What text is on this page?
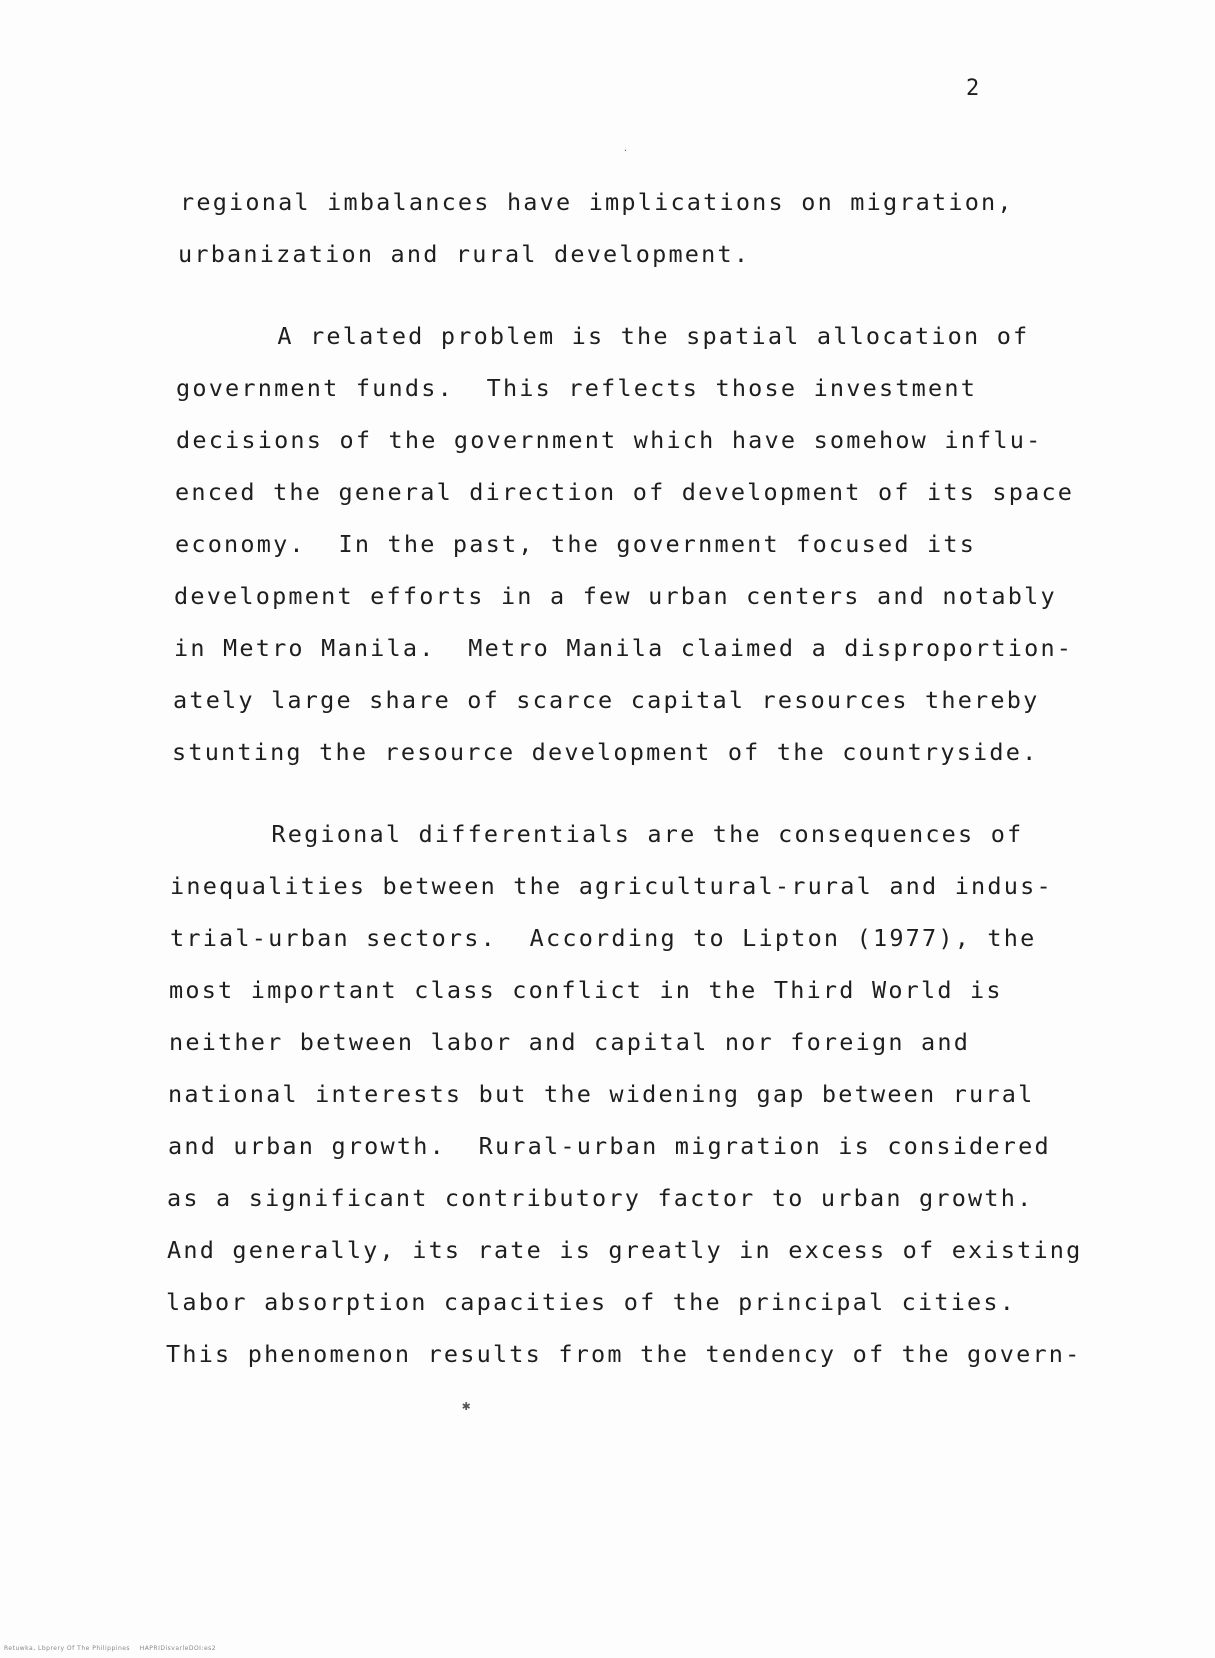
2
regional imbalances have implications on migration,
urbanization and rural development.
A related problem is the spatial allocation of
government funds.  This reflects those investment
decisions of the government which have somehow influ-
enced the general direction of development of its space
economy.  In the past, the government focused its
development efforts in a few urban centers and notably
in Metro Manila.  Metro Manila claimed a disproportion-
ately large share of scarce capital resources thereby
stunting the resource development of the countryside.
Regional differentials are the consequences of
inequalities between the agricultural-rural and indus-
trial-urban sectors.  According to Lipton (1977), the
most important class conflict in the Third World is
neither between labor and capital nor foreign and
national interests but the widening gap between rural
and urban growth.  Rural-urban migration is considered
as a significant contributory factor to urban growth.
And generally, its rate is greatly in excess of existing
labor absorption capacities of the principal cities.
This phenomenon results from the tendency of the govern-
·
✱
Retuwka, Lbprery Of The Philippines    HAPRIDisvarleDOI:es2
